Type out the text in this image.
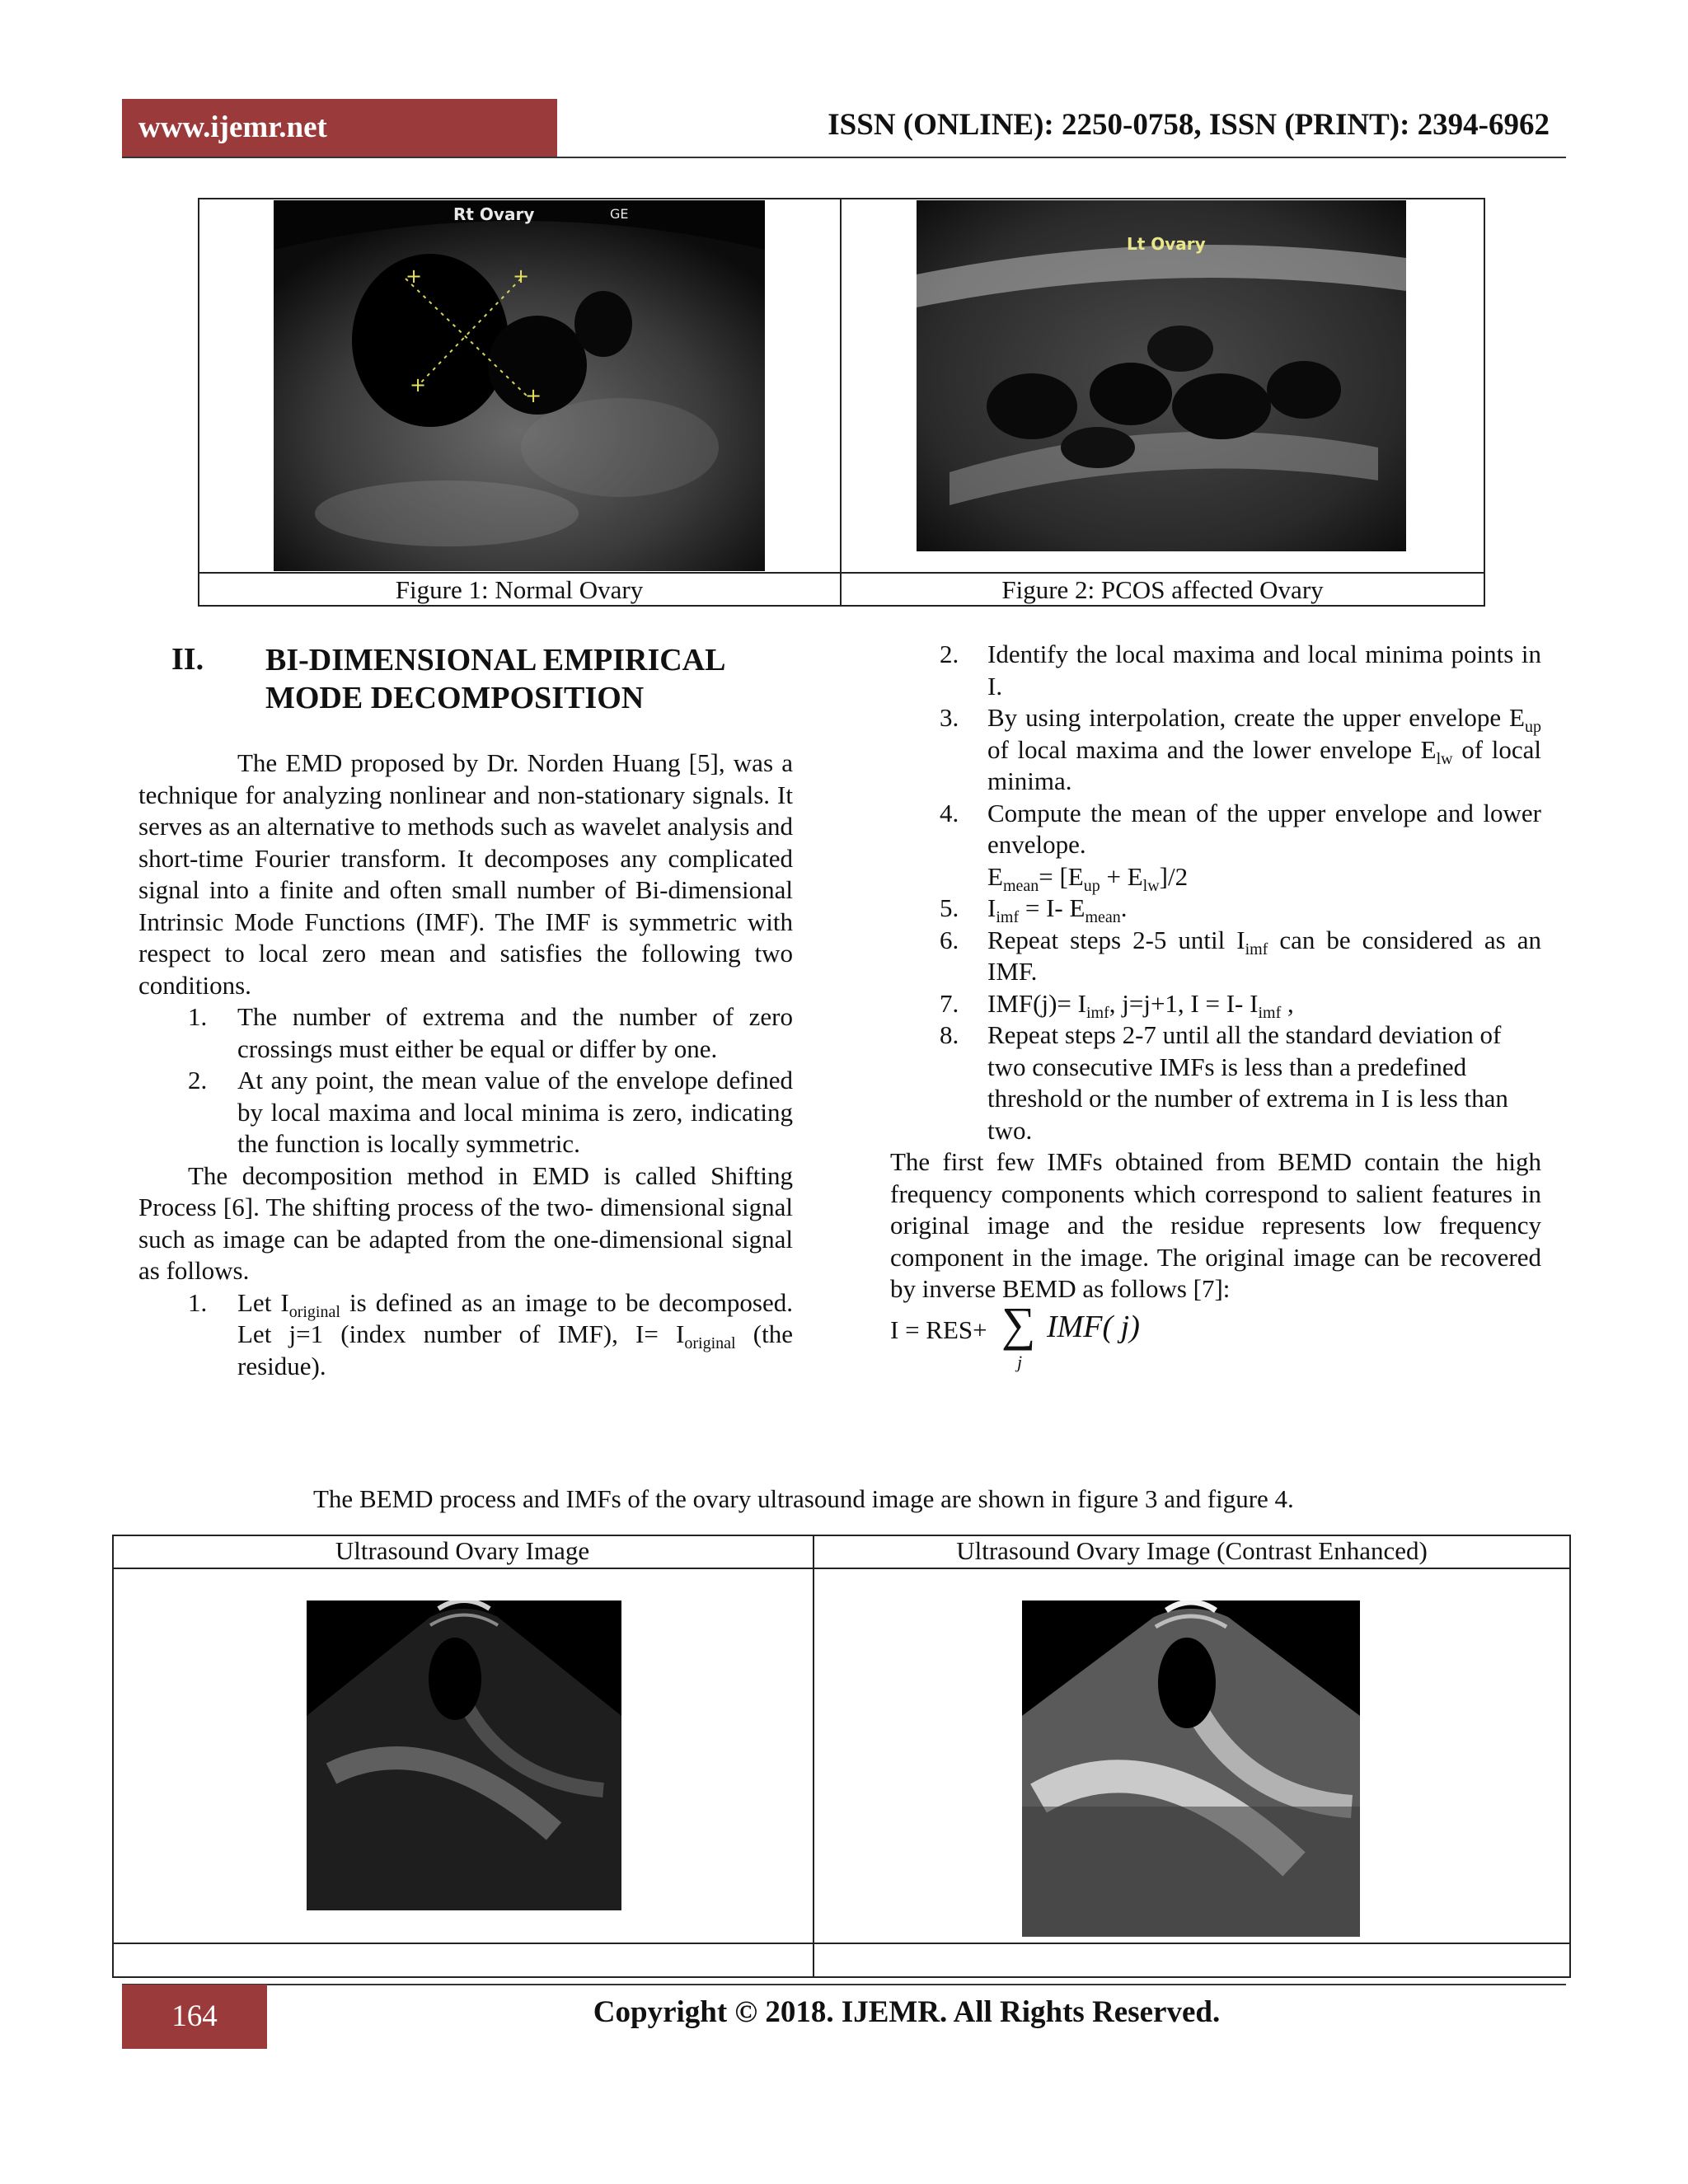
www.ijemr.net	ISSN (ONLINE): 2250-0758, ISSN (PRINT): 2394-6962
+	+
+	+
Rt Ovary	GE
Lt Ovary
Figure 1: Normal Ovary	Figure 2: PCOS affected Ovary
II. BI-DIMENSIONAL EMPIRICAL
MODE DECOMPOSITION

The EMD proposed by Dr. Norden Huang [5], was a technique for analyzing nonlinear and non-stationary signals. It serves as an alternative to methods such as wavelet analysis and short-time Fourier transform. It decomposes any complicated signal into a finite and often small number of Bi-dimensional Intrinsic Mode Functions (IMF). The IMF is symmetric with respect to local zero mean and satisfies the following two conditions.

1. The number of extrema and the number of zero crossings must either be equal or differ by one.
2. At any point, the mean value of the envelope defined by local maxima and local minima is zero, indicating the function is locally symmetric.

The decomposition method in EMD is called Shifting Process [6]. The shifting process of the two- dimensional signal such as image can be adapted from the one-dimensional signal as follows.

1. Let $I_{original}$ is defined as an image to be decomposed. Let j=1 (index number of IMF), $I= I_{original}$ (the residue).
2. Identify the local maxima and local minima points in I.
3. By using interpolation, create the upper envelope $E_{up}$ of local maxima and the lower envelope $E_{lw}$ of local minima.
4. Compute the mean of the upper envelope and lower envelope.
$E_{mean}= [E_{up} + E_{lw}]/2$
5. $I_{imf} = I-$ $E_{mean}$.
6. Repeat steps 2-5 until $I_{imf}$ can be considered as an IMF.
7. $IMF(j)= I_{imf}$, j=j+1, I = I- $I_{imf}$ ,
8. Repeat steps 2-7 until all the standard deviation of two consecutive IMFs is less than a predefined threshold or the number of extrema in I is less than two.

The first few IMFs obtained from BEMD contain the high frequency components which correspond to salient features in original image and the residue represents low frequency component in the image. The original image can be recovered by inverse BEMD as follows [7]:

I = RES+ ∑
j
IMF( j)
The BEMD process and IMFs of the ovary ultrasound image are shown in figure 3 and figure 4.
Ultrasound Ovary Image	Ultrasound Ovary Image (Contrast Enhanced)
164	Copyright © 2018. IJEMR. All Rights Reserved.
